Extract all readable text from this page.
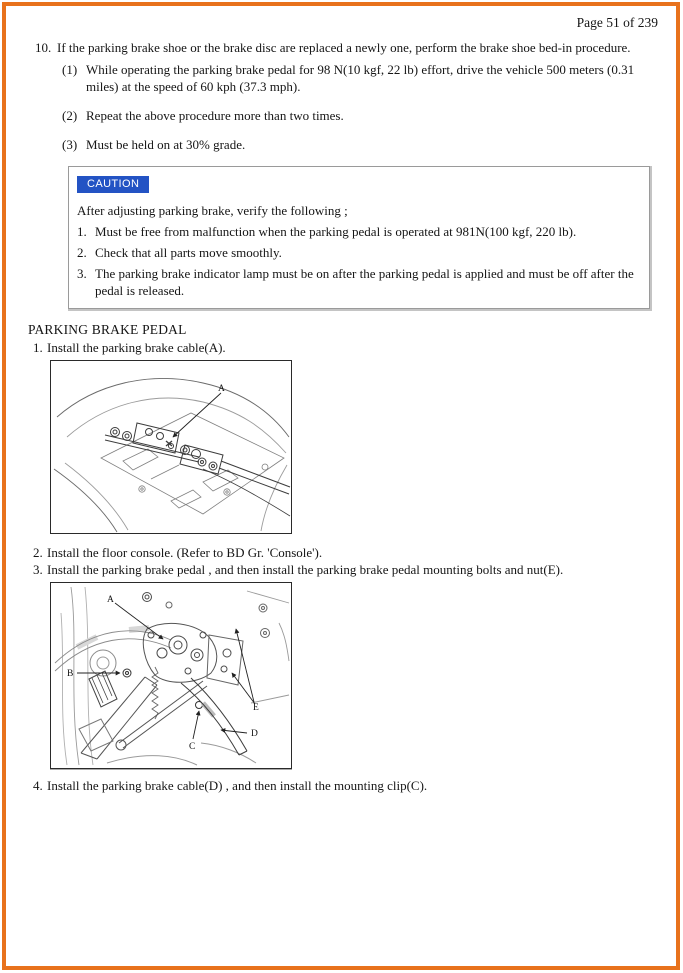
Page 51 of 239
10. If the parking brake shoe or the brake disc are replaced a newly one, perform the brake shoe bed-in procedure.
(1) While operating the parking brake pedal for 98 N(10 kgf, 22 lb) effort, drive the vehicle 500 meters (0.31 miles) at the speed of 60 kph (37.3 mph).
(2) Repeat the above procedure more than two times.
(3) Must be held on at 30% grade.
CAUTION
After adjusting parking brake, verify the following ;
1. Must be free from malfunction when the parking pedal is operated at 981N(100 kgf, 220 lb).
2. Check that all parts move smoothly.
3. The parking brake indicator lamp must be on after the parking pedal is applied and must be off after the pedal is released.
PARKING BRAKE PEDAL
1. Install the parking brake cable(A).
A
2. Install the floor console. (Refer to BD Gr. 'Console').
3. Install the parking brake pedal , and then install the parking brake pedal mounting bolts and nut(E).
A
B
C
D
E
4. Install the parking brake cable(D) , and then install the mounting clip(C).
